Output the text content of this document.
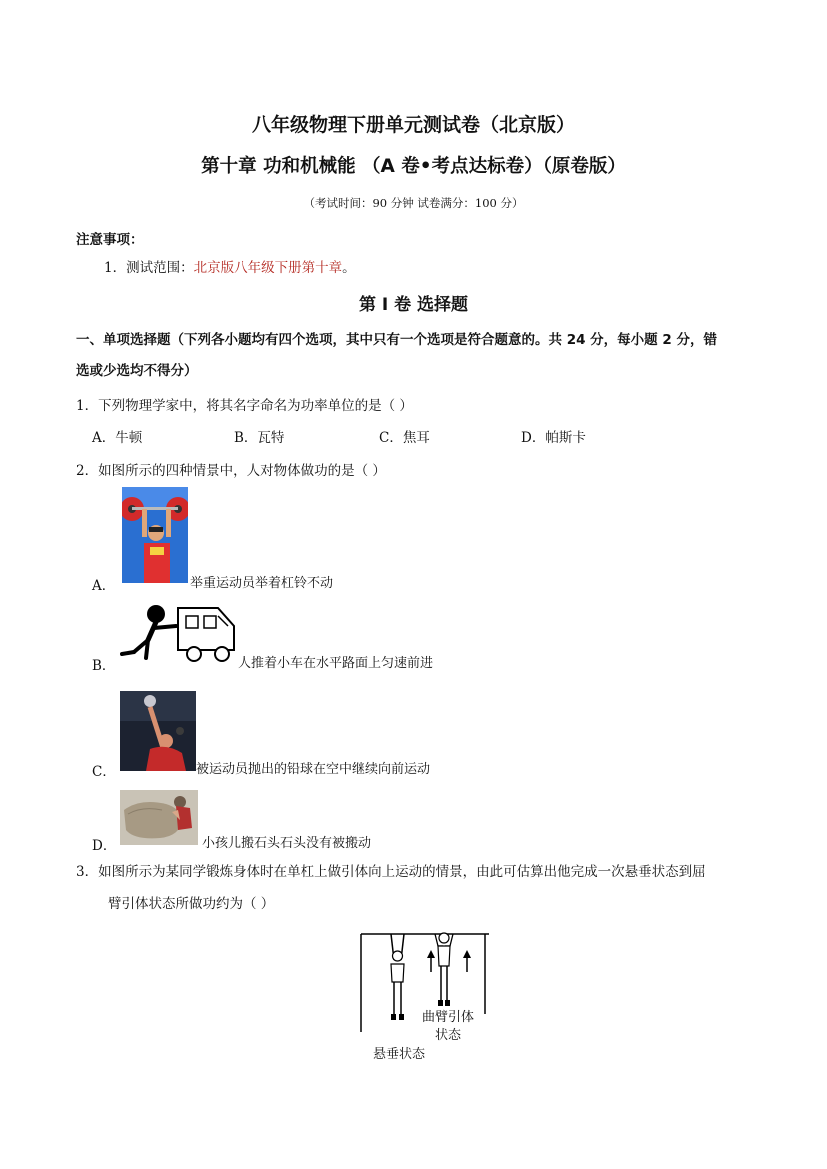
八年级物理下册单元测试卷（北京版）
第十章 功和机械能 （A 卷•考点达标卷）（原卷版）
（考试时间：90 分钟 试卷满分：100 分）
注意事项：
1．测试范围：北京版八年级下册第十章。
第 I 卷 选择题
一、单项选择题（下列各小题均有四个选项，其中只有一个选项是符合题意的。共 24 分，每小题 2 分，错
选或少选均不得分）
1．下列物理学家中，将其名字命名为功率单位的是（ ）
A．牛顿	B．瓦特	C．焦耳	D．帕斯卡
2．如图所示的四种情景中，人对物体做功的是（ ）
A．	举重运动员举着杠铃不动
B．	人推着小车在水平路面上匀速前进
C．	被运动员抛出的铅球在空中继续向前运动
D．	小孩儿搬石头石头没有被搬动
3．如图所示为某同学锻炼身体时在单杠上做引体向上运动的情景，由此可估算出他完成一次悬垂状态到屈
臂引体状态所做功约为（ ）
曲臂引体
状态
悬垂状态
